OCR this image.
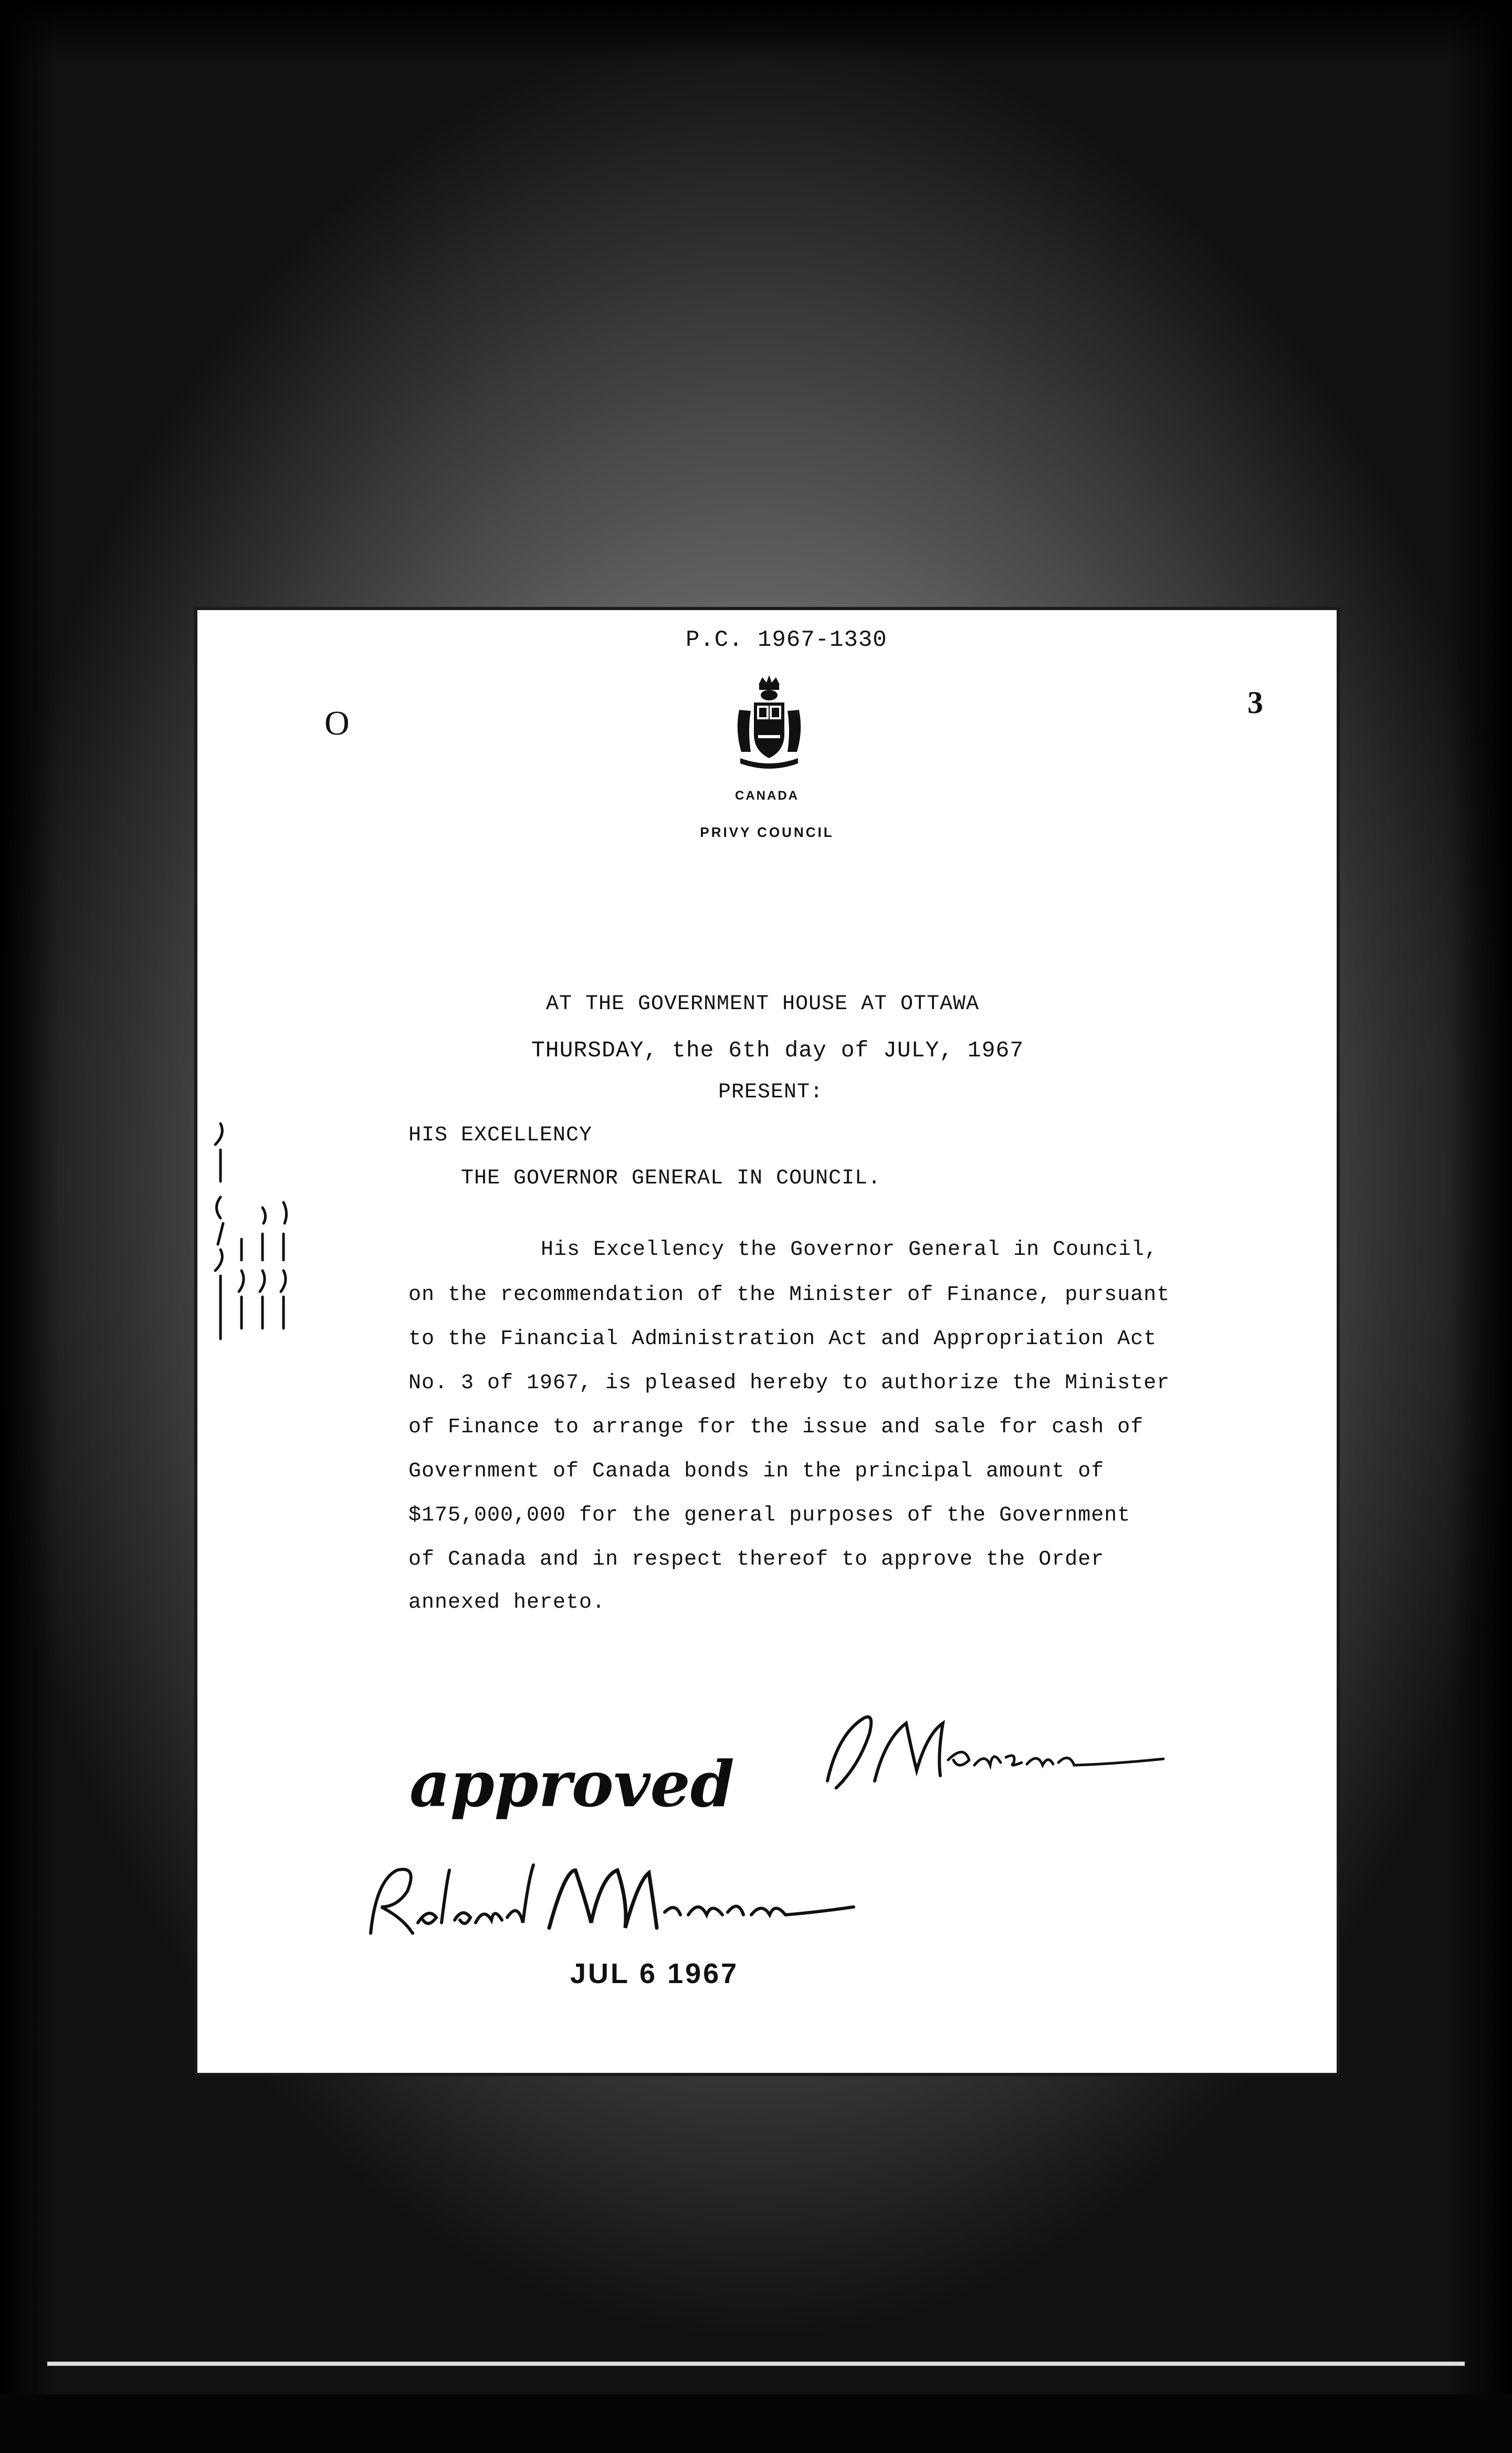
P.C. 1967-1330
O
3
CANADA
PRIVY COUNCIL
AT THE GOVERNMENT HOUSE AT OTTAWA
THURSDAY, the 6th day of JULY, 1967
PRESENT:
HIS EXCELLENCY
THE GOVERNOR GENERAL IN COUNCIL.
His Excellency the Governor General in Council,
on the recommendation of the Minister of Finance, pursuant
to the Financial Administration Act and Appropriation Act
No. 3 of 1967, is pleased hereby to authorize the Minister
of Finance to arrange for the issue and sale for cash of
Government of Canada bonds in the principal amount of
$175,000,000 for the general purposes of the Government
of Canada and in respect thereof to approve the Order
annexed hereto.
approved
JUL 6 1967
